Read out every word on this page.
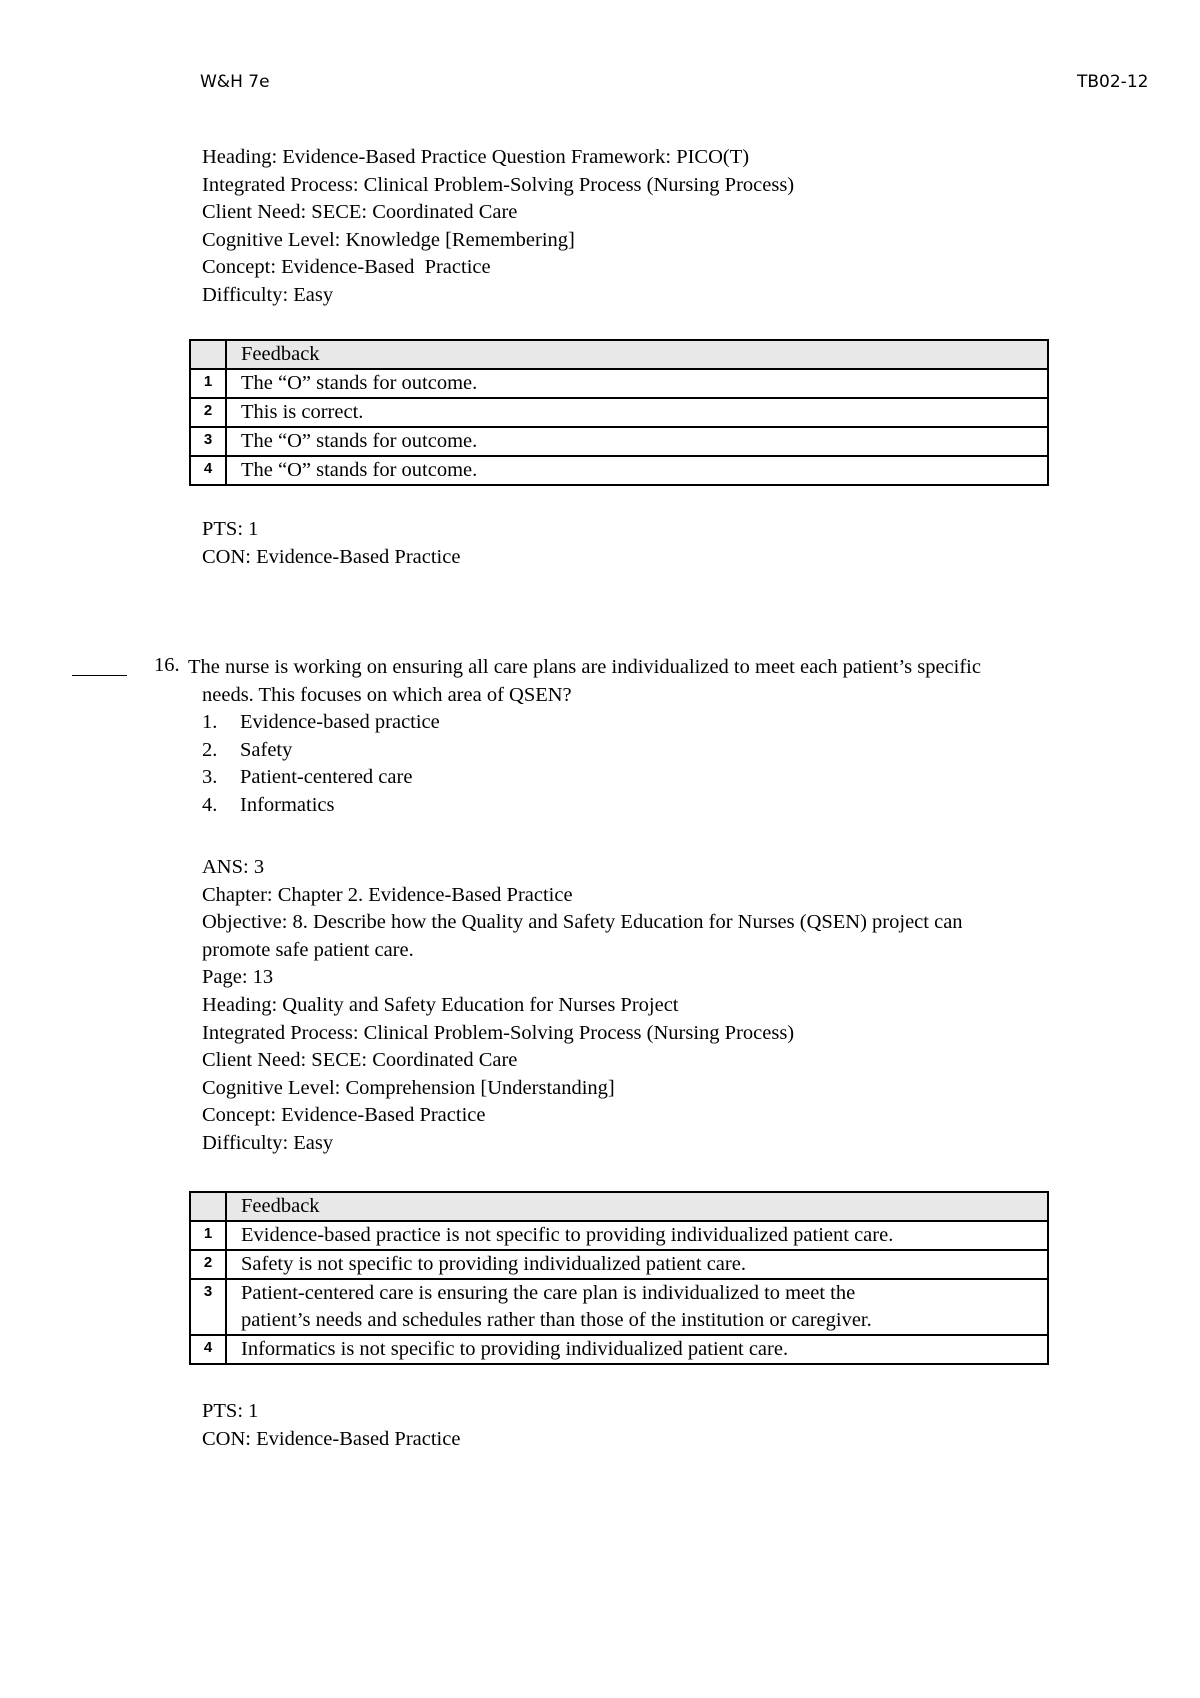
W&H 7e	TB02-12
Heading: Evidence-Based Practice Question Framework: PICO(T)
Integrated Process: Clinical Problem-Solving Process (Nursing Process)
Client Need: SECE: Coordinated Care
Cognitive Level: Knowledge [Remembering]
Concept: Evidence-Based  Practice
Difficulty: Easy
	Feedback
1	The “O” stands for outcome.
2	This is correct.
3	The “O” stands for outcome.
4	The “O” stands for outcome.
PTS: 1
CON: Evidence-Based Practice
16. The nurse is working on ensuring all care plans are individualized to meet each patient’s specific
needs. This focuses on which area of QSEN?
1.	Evidence-based practice
2.	Safety
3.	Patient-centered care
4.	Informatics
ANS: 3
Chapter: Chapter 2. Evidence-Based Practice
Objective: 8. Describe how the Quality and Safety Education for Nurses (QSEN) project can
promote safe patient care.
Page: 13
Heading: Quality and Safety Education for Nurses Project
Integrated Process: Clinical Problem-Solving Process (Nursing Process)
Client Need: SECE: Coordinated Care
Cognitive Level: Comprehension [Understanding]
Concept: Evidence-Based Practice
Difficulty: Easy
	Feedback
1	Evidence-based practice is not specific to providing individualized patient care.
2	Safety is not specific to providing individualized patient care.
3	Patient-centered care is ensuring the care plan is individualized to meet the
patient’s needs and schedules rather than those of the institution or caregiver.

4	Informatics is not specific to providing individualized patient care.
PTS: 1
CON: Evidence-Based Practice
